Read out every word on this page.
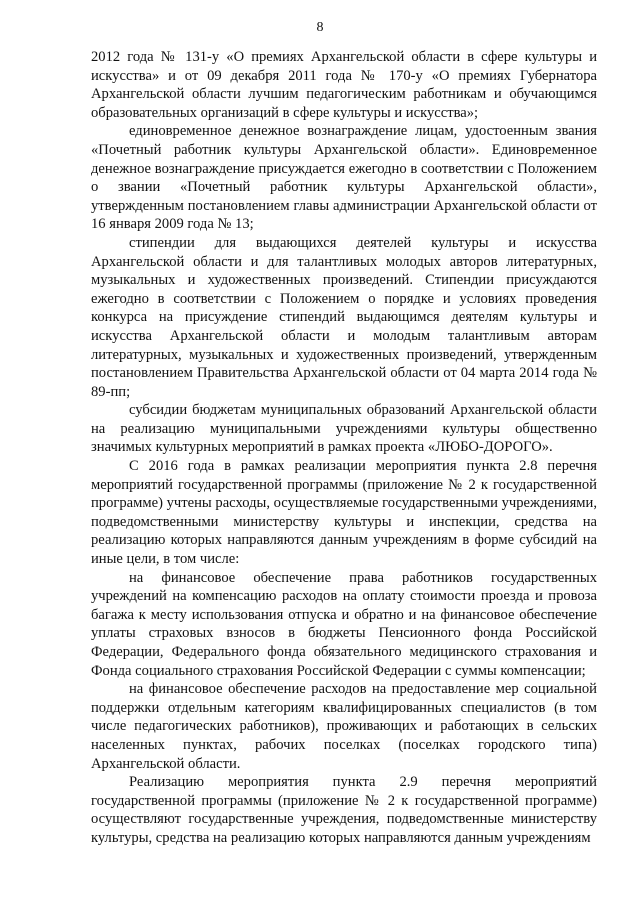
8

2012 года № 131-у «О премиях Архангельской области в сфере культуры и искусства» и от 09 декабря 2011 года № 170-у «О премиях Губернатора Архангельской области лучшим педагогическим работникам и обучающимся образовательных организаций в сфере культуры и искусства»;

единовременное денежное вознаграждение лицам, удостоенным звания «Почетный работник культуры Архангельской области». Единовременное денежное вознаграждение присуждается ежегодно в соответствии с Положением о звании «Почетный работник культуры Архангельской области», утвержденным постановлением главы администрации Архангельской области от 16 января 2009 года № 13;

стипендии для выдающихся деятелей культуры и искусства Архангельской области и для талантливых молодых авторов литературных, музыкальных и художественных произведений. Стипендии присуждаются ежегодно в соответствии с Положением о порядке и условиях проведения конкурса на присуждение стипендий выдающимся деятелям культуры и искусства Архангельской области и молодым талантливым авторам литературных, музыкальных и художественных произведений, утвержденным постановлением Правительства Архангельской области от 04 марта 2014 года № 89-пп;

субсидии бюджетам муниципальных образований Архангельской области на реализацию муниципальными учреждениями культуры общественно значимых культурных мероприятий в рамках проекта «ЛЮБО-ДОРОГО».

С 2016 года в рамках реализации мероприятия пункта 2.8 перечня мероприятий государственной программы (приложение № 2 к государственной программе) учтены расходы, осуществляемые государственными учреждениями, подведомственными министерству культуры и инспекции, средства на реализацию которых направляются данным учреждениям в форме субсидий на иные цели, в том числе:

на финансовое обеспечение права работников государственных учреждений на компенсацию расходов на оплату стоимости проезда и провоза багажа к месту использования отпуска и обратно и на финансовое обеспечение уплаты страховых взносов в бюджеты Пенсионного фонда Российской Федерации, Федерального фонда обязательного медицинского страхования и Фонда социального страхования Российской Федерации с суммы компенсации;

на финансовое обеспечение расходов на предоставление мер социальной поддержки отдельным категориям квалифицированных специалистов (в том числе педагогических работников), проживающих и работающих в сельских населенных пунктах, рабочих поселках (поселках городского типа) Архангельской области.

Реализацию мероприятия пункта 2.9 перечня мероприятий государственной программы (приложение № 2 к государственной программе) осуществляют государственные учреждения, подведомственные министерству культуры, средства на реализацию которых направляются данным учреждениям
